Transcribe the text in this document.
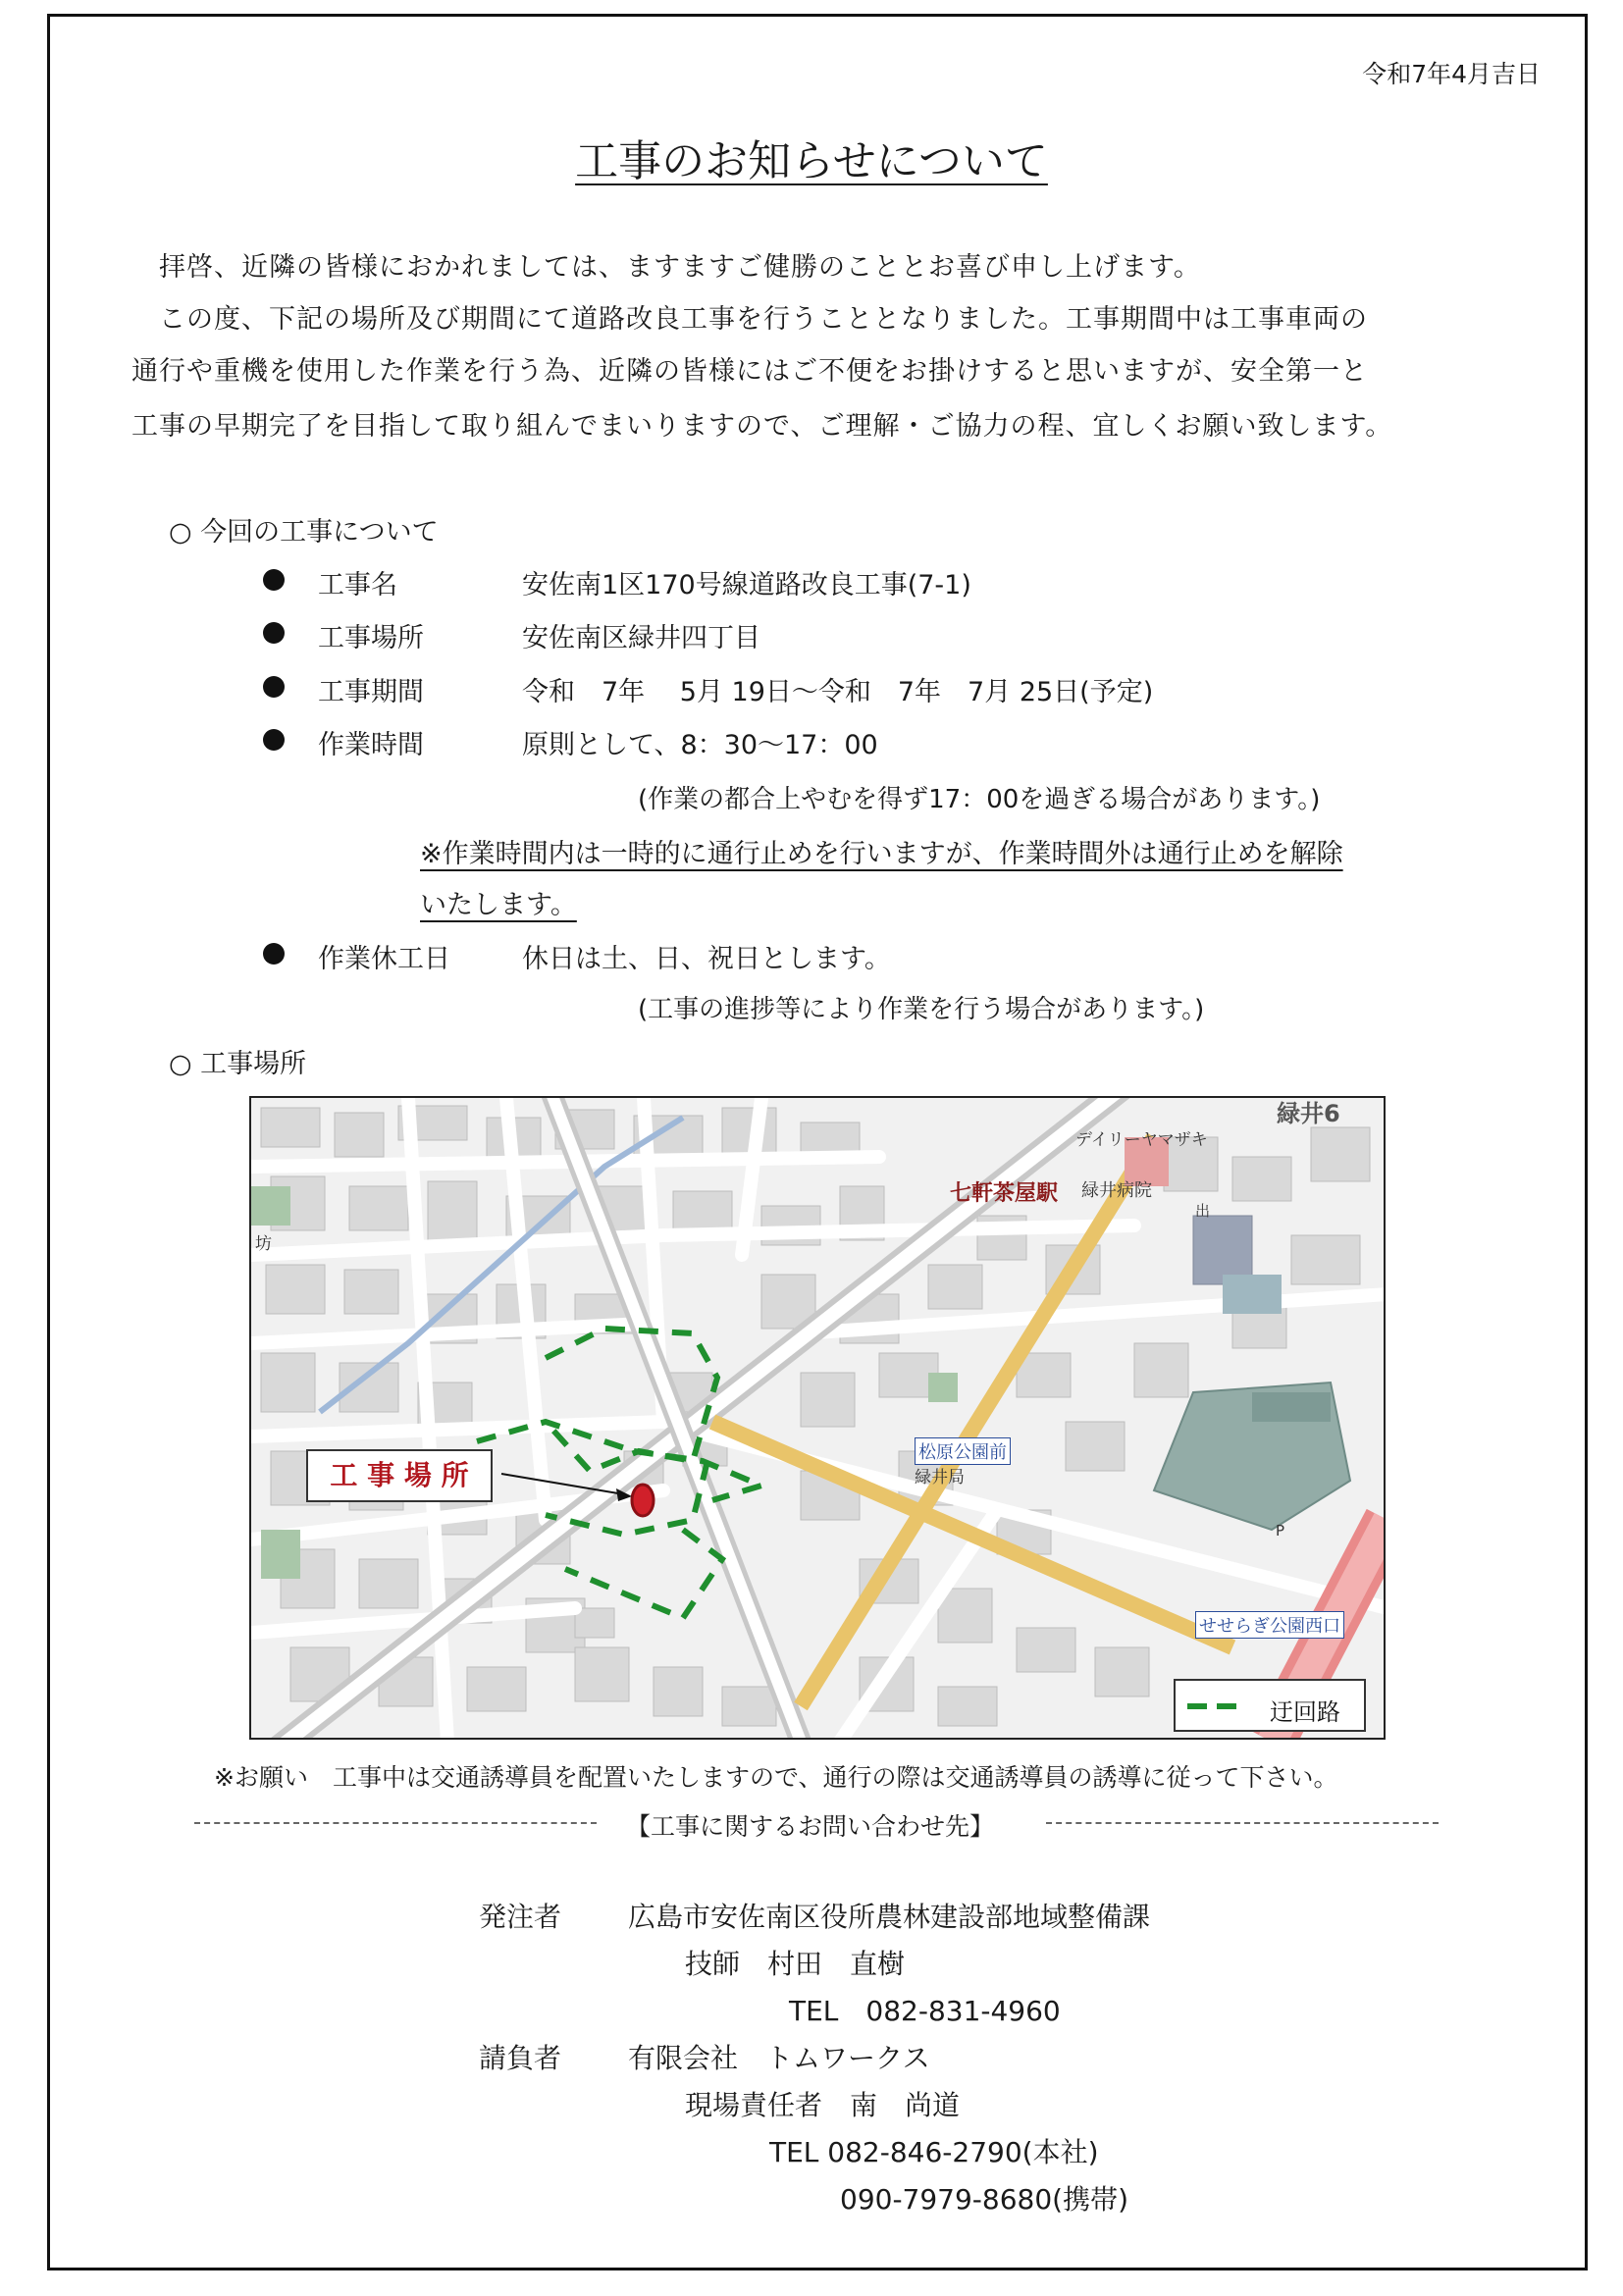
令和7年4月吉日
工事のお知らせについて
拝啓、近隣の皆様におかれましては、ますますご健勝のこととお喜び申し上げます。
この度、下記の場所及び期間にて道路改良工事を行うこととなりました。工事期間中は工事車両の
通行や重機を使用した作業を行う為、近隣の皆様にはご不便をお掛けすると思いますが、安全第一と
工事の早期完了を目指して取り組んでまいりますので、ご理解・ご協力の程、宜しくお願い致します。
○ 今回の工事について
工事名	安佐南1区170号線道路改良工事(7-1)
工事場所	安佐南区緑井四丁目
工事期間	令和　7年　 5月 19日～令和　7年　7月 25日(予定)
作業時間	原則として、8：30～17：00
(作業の都合上やむを得ず17：00を過ぎる場合があります。)
※作業時間内は一時的に通行止めを行いますが、作業時間外は通行止めを解除
いたします。
作業休工日	休日は土、日、祝日とします。
(工事の進捗等により作業を行う場合があります。)
○ 工事場所
工 事 場 所
七軒茶屋駅
緑井6
デイリーヤマザキ
緑井病院
出
松原公園前
緑井局
せせらぎ公園西口
坊
P
迂回路
※お願い　工事中は交通誘導員を配置いたしますので、通行の際は交通誘導員の誘導に従って下さい。
【工事に関するお問い合わせ先】
発注者 広島市安佐南区役所農林建設部地域整備課
技師　村田　直樹
TEL　082-831-4960
請負者 有限会社　トムワークス
現場責任者　南　尚道
TEL 082-846-2790(本社)
090-7979-8680(携帯)
